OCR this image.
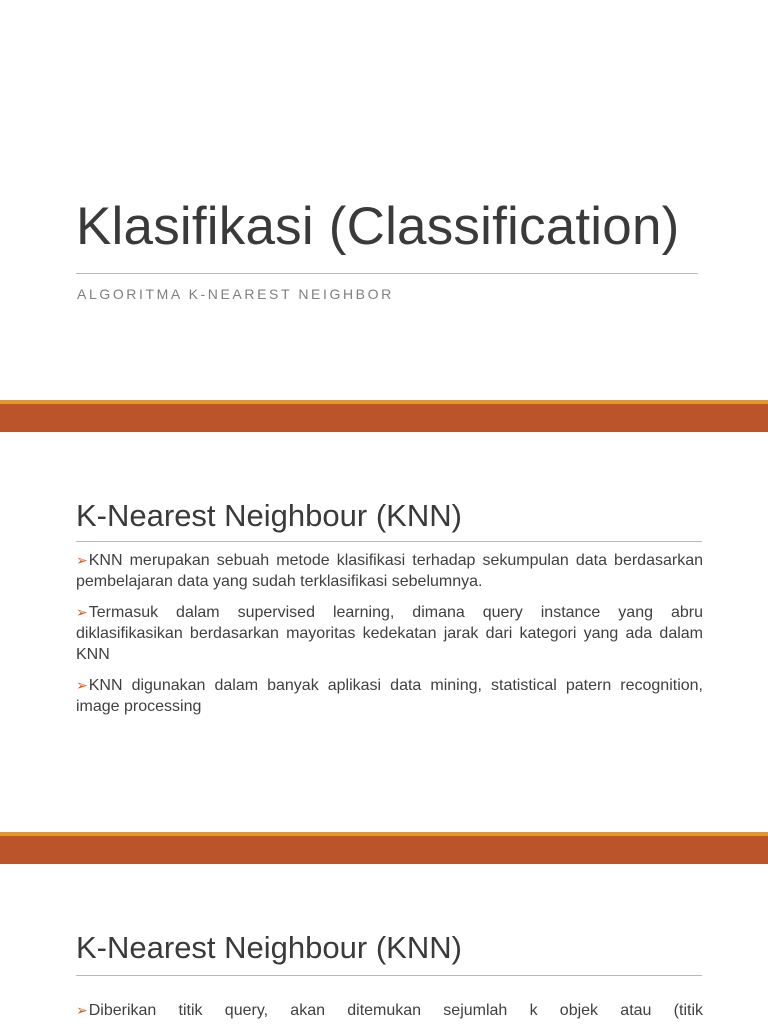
Klasifikasi (Classification)
ALGORITMA K-NEAREST NEIGHBOR
K-Nearest Neighbour (KNN)
➢KNN merupakan sebuah metode klasifikasi terhadap sekumpulan data berdasarkan pembelajaran data yang sudah terklasifikasi sebelumnya.
➢Termasuk dalam supervised learning, dimana query instance yang abru diklasifikasikan berdasarkan mayoritas kedekatan jarak dari kategori yang ada dalam KNN
➢KNN digunakan dalam banyak aplikasi data mining, statistical patern recognition, image processing
K-Nearest Neighbour (KNN)
➢Diberikan titik query, akan ditemukan sejumlah k objek atau (titik
